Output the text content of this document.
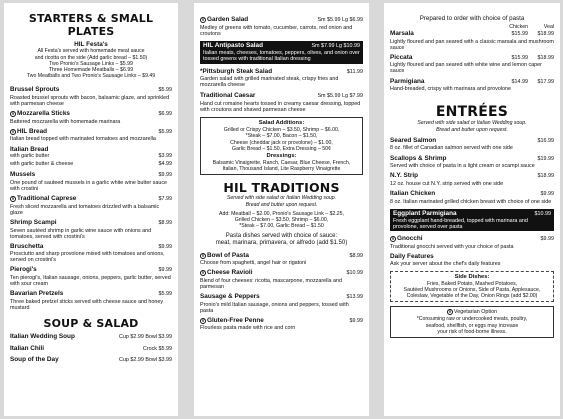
STARTERS & SMALL PLATES
HIL Festa's
All Festa's served with homemade meat sauce
and ricotta on the side (Add garlic bread – $1.50)
Two Pronio's Sausage Links – $5.99
Three Homemade Meatballs – $6.99
Two Meatballs and Two Pronio's Sausage Links – $9.49
Brussel Sprouts	$5.99
Roasted brussel sprouts with bacon, balsamic glaze, and sprinkled with parmesan cheese
V Mozzarella Sticks	$6.99
Battered mozzarella with homemade marinara
V HIL Bread	$5.99
Italian bread topped with marinated tomatoes and mozzarella
Italian Bread
with garlic butter	$3.99
with garlic butter & cheese	$4.99
Mussels	$9.99
One pound of sauteed mussels in a garlic white wine butter sauce with crostini
V Traditional Caprese	$7.99
Fresh sliced mozzarella and tomatoes drizzled with a balsamic glaze
Shrimp Scampi	$8.99
Seven sautéed shrimp in garlic wine sauce with onions and tomatoes, served with crostini's
Bruschetta	$9.99
Prosciutto and sharp provolone mixed with tomatoes and onions, served on crostini's
Pierogi's	$9.99
Ten pierogi's, Italian sausage, onions, peppers, garlic butter, served with sour cream
Bavarian Pretzels	$5.99
Three baked pretzel sticks served with cheese sauce and honey mustard
SOUP & SALAD
Italian Wedding Soup	Cup $2.99 Bowl $3.99
Italian Chili	Crock $5.99
Soup of the Day	Cup $2.99 Bowl $3.99
V Garden Salad	Sm $5.99 Lg $6.99
Medley of greens with tomato, cucumber, carrots, red onion and croutons
HIL Antipasto Salad	Sm $7.99 Lg $10.99
Italian meats, cheeses, tomatoes, peppers, olives, and onion over tossed greens with traditional Italian dressing
*Pittsburgh Steak Salad	$11.99
Garden salad with grilled marinated steak, crispy fries and mozzarella cheese
Traditional Caesar	Sm $5.99 Lg $7.99
Hand cut romaine hearts tossed in creamy caesar dressing, topped with croutons and shaved parmesan cheese
Salad Additions:
Grilled or Crispy Chicken – $3.50, Shrimp – $6.00,
*Steak – $7.00, Bacon – $1.50,
Cheese (cheddar jack or provolone) – $1.00,
Garlic Bread – $1.50, Extra Dressing – 50¢
Dressings:
Balsamic Vinaigrette, Ranch, Caesar, Blue Cheese, French,
Italian, Thousand Island, Lite Raspberry Vinaigrette
HIL TRADITIONS
Served with side salad or Italian Wedding soup.
Bread and butter upon request.
Add: Meatball – $2.00, Pronio's Sausage Link – $2.25,
Grilled Chicken – $3.50, Shrimp – $6.00,
*Steak – $7.00, Garlic Bread – $1.50
Pasta dishes served with choice of sauce:
meat, marinara, primavera, or alfredo (add $1.50)
V Bowl of Pasta	$8.99
Choose from spaghetti, angel hair or rigatoni
V Cheese Ravioli	$10.99
Blend of four cheeses: ricotta, mascarpone, mozzarella and parmesan
Sausage & Peppers	$13.99
Pronio's mild Italian sausage, onions and peppers, tossed with pasta
V Gluten-Free Penne	$9.99
Flourless pasta made with rice and corn
Prepared to order with choice of pasta
Chicken	Veal
Marsala	$15.99 $18.99
Lightly floured and pan seared with a classic marsala and mushroom sauce
Piccata	$15.99 $18.99
Lightly floured and pan seared with white wine and lemon caper sauce
Parmigiana	$14.99 $17.99
Hand-breaded, crispy with marinara and provolone
ENTRÉES
Served with side salad or Italian Wedding soup.
Bread and butter upon request.
Seared Salmon	$16.99
8 oz. fillet of Canadian salmon served with one side
Scallops & Shrimp	$19.99
Served with choice of pasta in a light cream or scampi sauce
N.Y. Strip	$18.99
12 oz. house cut N.Y. strip served with one side
Italian Chicken	$9.99
8 oz. Italian marinated grilled chicken breast with choice of one side
Eggplant Parmigiana	$10.99
Fresh eggplant hand-breaded, topped with marinara and provolone, served over pasta
V Gnocchi	$9.99
Traditional gnocchi served with your choice of pasta
Daily Features
Ask your server about the chef's daily features
Side Dishes:
Fries, Baked Potato, Mashed Potatoes,
Sautéed Mushrooms or Onions, Side of Pasta, Applesauce,
Coleslaw, Vegetable of the Day, Onion Rings (add $2.00)
V Vegetarian Option
*Consuming raw or undercooked meats, poultry,
seafood, shellfish, or eggs may increase
your risk of food-borne illness.
